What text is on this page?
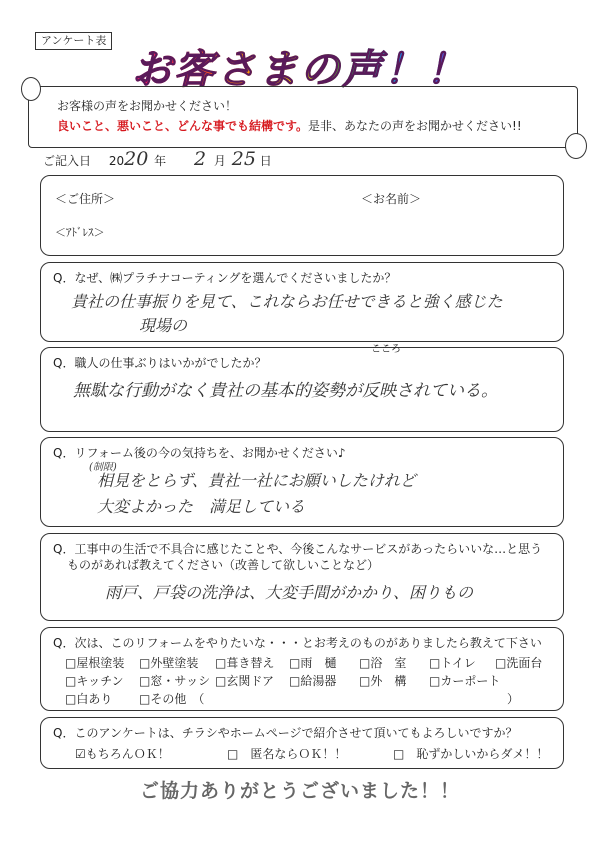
アンケート表
お客さまの声！！
お客様の声をお聞かせください！
良いこと、悪いこと、どんな事でも結構です。是非、あなたの声をお聞かせください!!
ご記入日 2020 年 2 月 25 日
＜ご住所＞	＜お名前＞
＜ｱﾄﾞﾚｽ＞
Q．なぜ、㈱プラチナコーティングを選んでくださいましたか？
貴社の仕事振りを見て、これならお任せできると強く感じた
現場の
Q．職人の仕事ぶりはいかがでしたか？
こころ
無駄な行動がなく貴社の基本的姿勢が反映されている。
Q．リフォーム後の今の気持ちを、お聞かせください♪
(制限)
相見をとらず、貴社一社にお願いしたけれど
大変よかった　満足している
Q．工事中の生活で不具合に感じたことや、今後こんなサービスがあったらいいな…と思う
ものがあれば教えてください（改善して欲しいことなど）
雨戸、戸袋の洗浄は、大変手間がかかり、困りもの
Q．次は、このリフォームをやりたいな・・・とお考えのものがありましたら教えて下さい
□屋根塗装 □外壁塗装 □葺き替え □雨　樋 □浴　室 □トイレ □洗面台
□キッチン □窓・サッシ □玄関ドア □給湯器 □外　構 □カーポート
□白あり □その他　（	）
Q．このアンケートは、チラシやホームページで紹介させて頂いてもよろしいですか？
☑もちろんＯＫ！	□　匿名ならＯＫ！！	□　恥ずかしいからダメ！！
ご協力ありがとうございました！！
